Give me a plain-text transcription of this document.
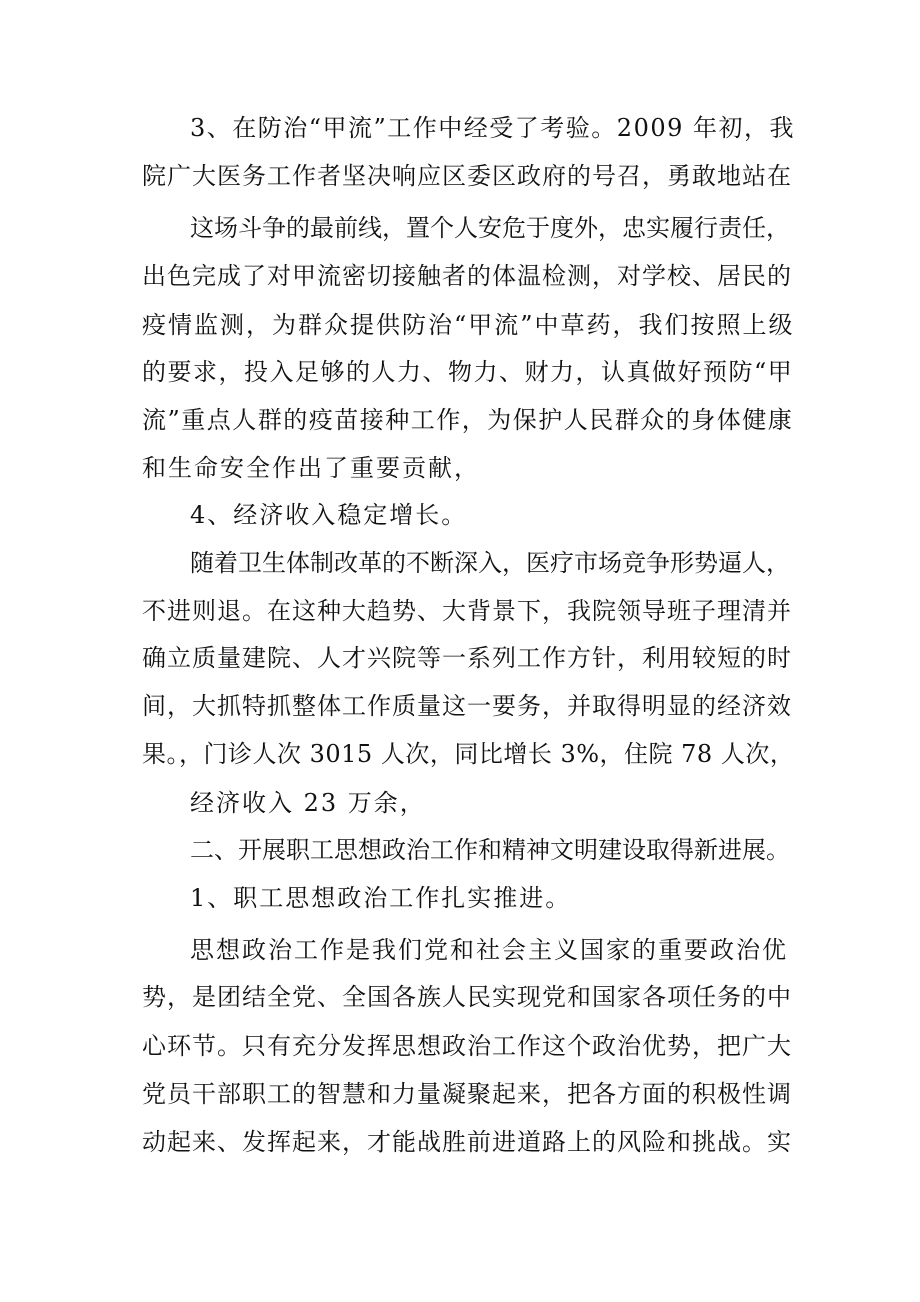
3、在防治“甲流”工作中经受了考验。2009 年初，我
院广大医务工作者坚决响应区委区政府的号召，勇敢地站在
这场斗争的最前线，置个人安危于度外，忠实履行责任，
出色完成了对甲流密切接触者的体温检测，对学校、居民的
疫情监测，为群众提供防治“甲流”中草药，我们按照上级
的要求，投入足够的人力、物力、财力，认真做好预防“甲
流”重点人群的疫苗接种工作，为保护人民群众的身体健康
和生命安全作出了重要贡献，
4、经济收入稳定增长。
随着卫生体制改革的不断深入，医疗市场竞争形势逼人，
不进则退。在这种大趋势、大背景下，我院领导班子理清并
确立质量建院、人才兴院等一系列工作方针，利用较短的时
间，大抓特抓整体工作质量这一要务，并取得明显的经济效
果。，门诊人次 3015 人次，同比增长 3%，住院 78 人次，
经济收入 23 万余，
二、开展职工思想政治工作和精神文明建设取得新进展。
1、职工思想政治工作扎实推进。
思想政治工作是我们党和社会主义国家的重要政治优
势，是团结全党、全国各族人民实现党和国家各项任务的中
心环节。只有充分发挥思想政治工作这个政治优势，把广大
党员干部职工的智慧和力量凝聚起来，把各方面的积极性调
动起来、发挥起来，才能战胜前进道路上的风险和挑战。实
